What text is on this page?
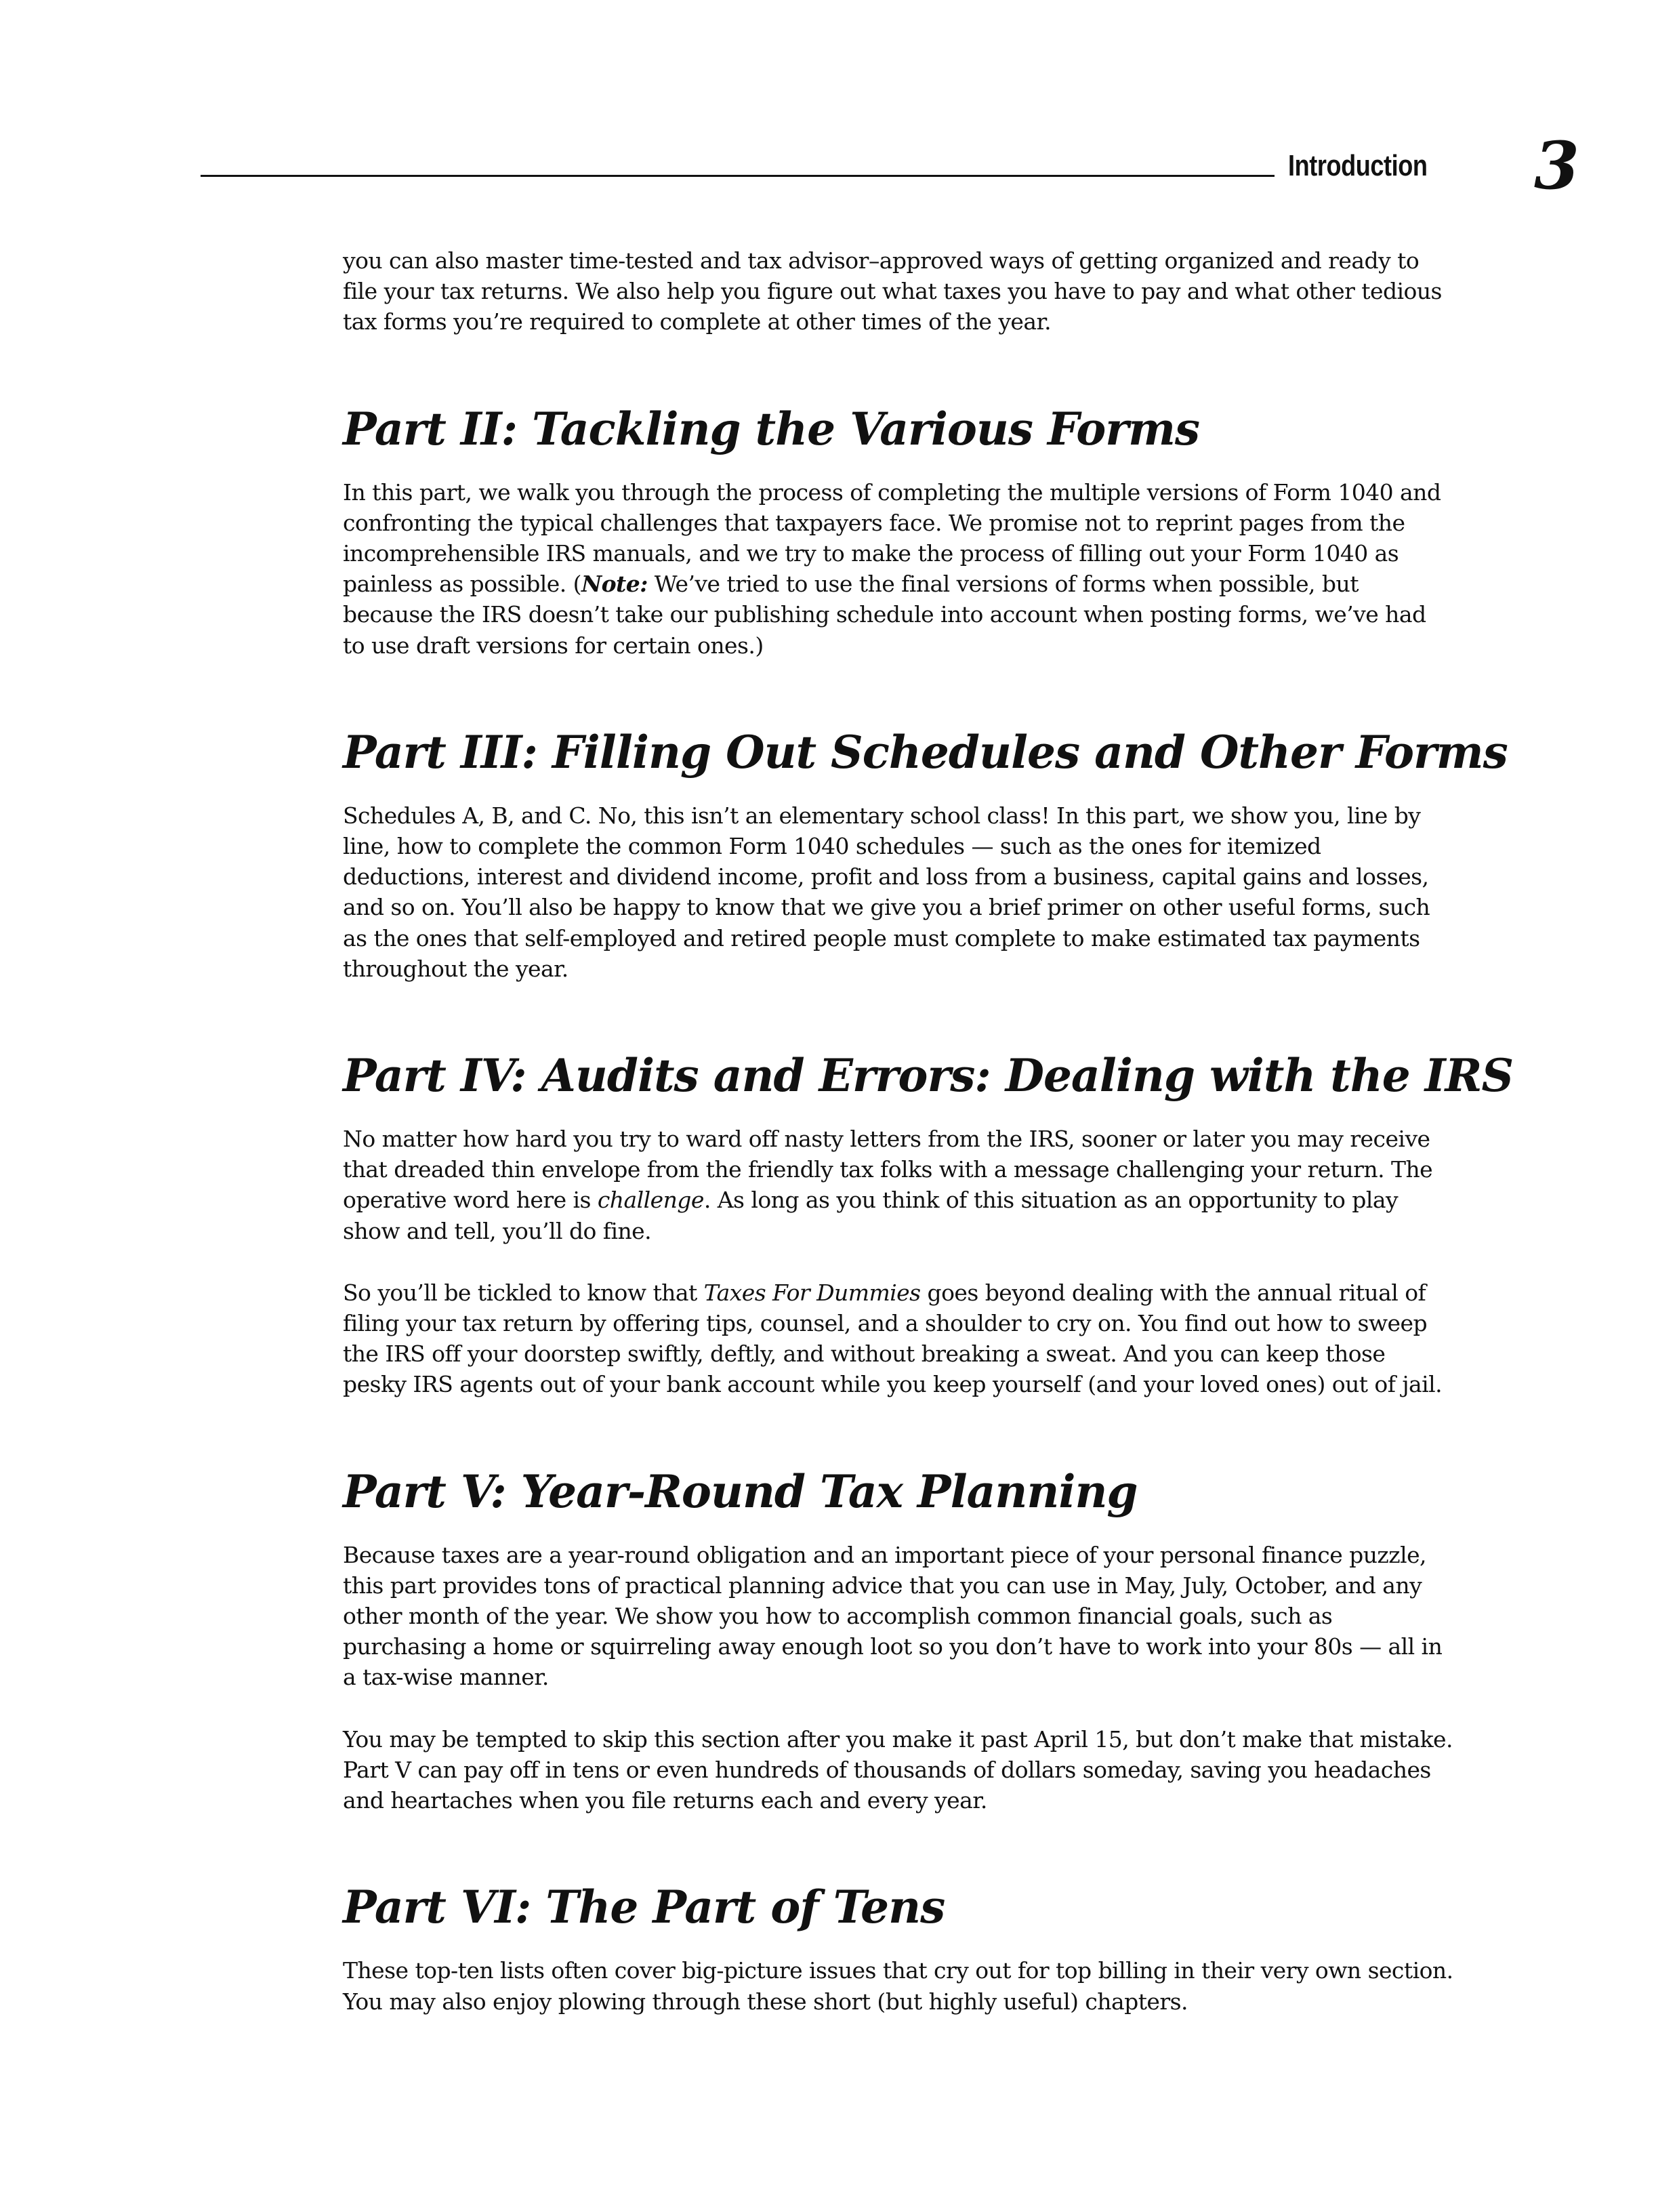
Introduction 3

you can also master time-tested and tax advisor–approved ways of getting organized and ready to file your tax returns. We also help you figure out what taxes you have to pay and what other tedious tax forms you’re required to complete at other times of the year.

Part II: Tackling the Various Forms

In this part, we walk you through the process of completing the multiple versions of Form 1040 and confronting the typical challenges that taxpayers face. We promise not to reprint pages from the incomprehensible IRS manuals, and we try to make the process of filling out your Form 1040 as painless as possible. (Note: We’ve tried to use the final versions of forms when possible, but because the IRS doesn’t take our publishing schedule into account when posting forms, we’ve had to use draft versions for certain ones.)

Part III: Filling Out Schedules and Other Forms

Schedules A, B, and C. No, this isn’t an elementary school class! In this part, we show you, line by line, how to complete the common Form 1040 schedules — such as the ones for itemized deductions, interest and dividend income, profit and loss from a business, capital gains and losses, and so on. You’ll also be happy to know that we give you a brief primer on other useful forms, such as the ones that self-employed and retired people must complete to make estimated tax payments throughout the year.

Part IV: Audits and Errors: Dealing with the IRS

No matter how hard you try to ward off nasty letters from the IRS, sooner or later you may receive that dreaded thin envelope from the friendly tax folks with a message challenging your return. The operative word here is challenge. As long as you think of this situation as an opportunity to play show and tell, you’ll do fine.

So you’ll be tickled to know that Taxes For Dummies goes beyond dealing with the annual ritual of filing your tax return by offering tips, counsel, and a shoulder to cry on. You find out how to sweep the IRS off your doorstep swiftly, deftly, and without breaking a sweat. And you can keep those pesky IRS agents out of your bank account while you keep yourself (and your loved ones) out of jail.

Part V: Year-Round Tax Planning

Because taxes are a year-round obligation and an important piece of your personal finance puzzle, this part provides tons of practical planning advice that you can use in May, July, October, and any other month of the year. We show you how to accomplish common financial goals, such as purchasing a home or squirreling away enough loot so you don’t have to work into your 80s — all in a tax-wise manner.

You may be tempted to skip this section after you make it past April 15, but don’t make that mistake. Part V can pay off in tens or even hundreds of thousands of dollars someday, saving you headaches and heartaches when you file returns each and every year.

Part VI: The Part of Tens

These top-ten lists often cover big-picture issues that cry out for top billing in their very own section. You may also enjoy plowing through these short (but highly useful) chapters.
